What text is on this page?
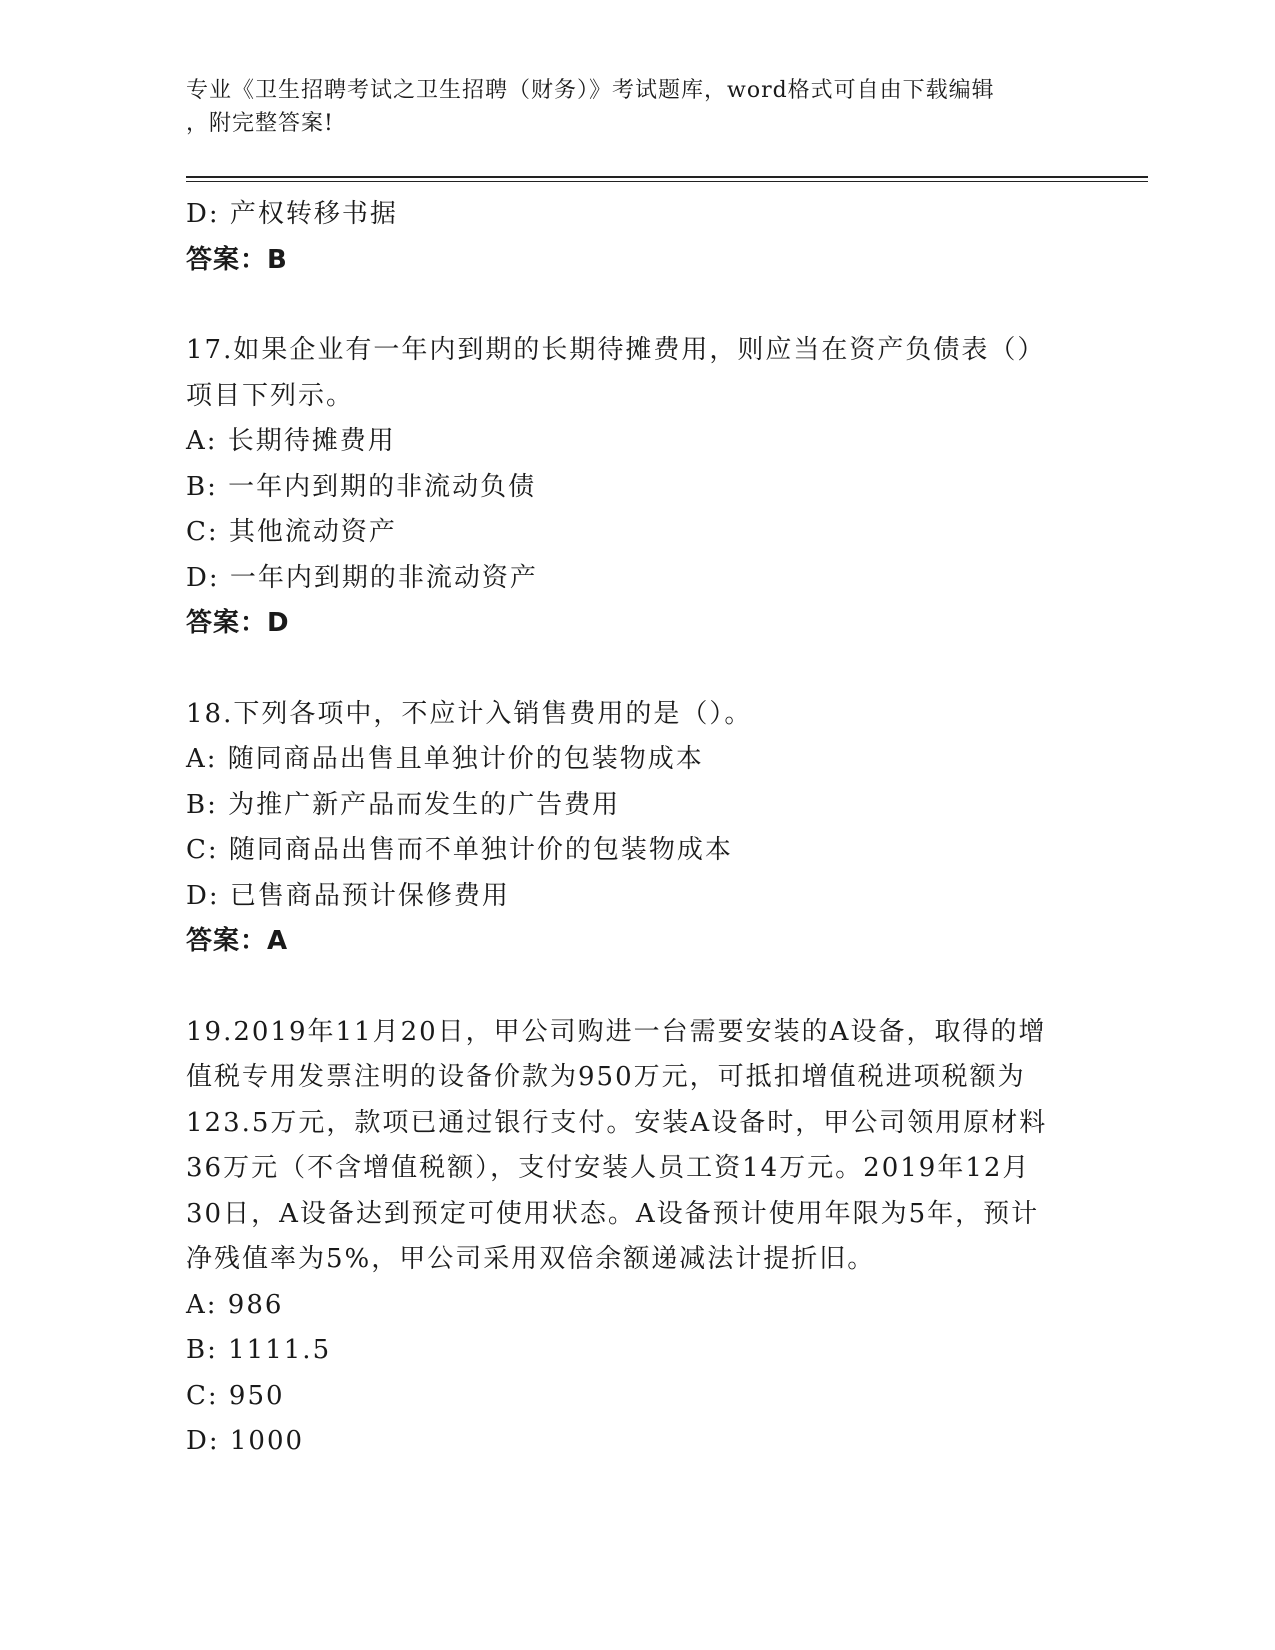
专业《卫生招聘考试之卫生招聘（财务）》考试题库，word格式可自由下载编辑
，附完整答案!
D: 产权转移书据
答案：B
17.如果企业有一年内到期的长期待摊费用，则应当在资产负债表（）
项目下列示。
A: 长期待摊费用
B: 一年内到期的非流动负债
C: 其他流动资产
D: 一年内到期的非流动资产
答案：D
18.下列各项中，不应计入销售费用的是（）。
A: 随同商品出售且单独计价的包装物成本
B: 为推广新产品而发生的广告费用
C: 随同商品出售而不单独计价的包装物成本
D: 已售商品预计保修费用
答案：A
19.2019年11月20日，甲公司购进一台需要安装的A设备，取得的增
值税专用发票注明的设备价款为950万元，可抵扣增值税进项税额为
123.5万元，款项已通过银行支付。安装A设备时，甲公司领用原材料
36万元（不含增值税额），支付安装人员工资14万元。2019年12月
30日，A设备达到预定可使用状态。A设备预计使用年限为5年，预计
净残值率为5%，甲公司采用双倍余额递减法计提折旧。
A: 986
B: 1111.5
C: 950
D: 1000
